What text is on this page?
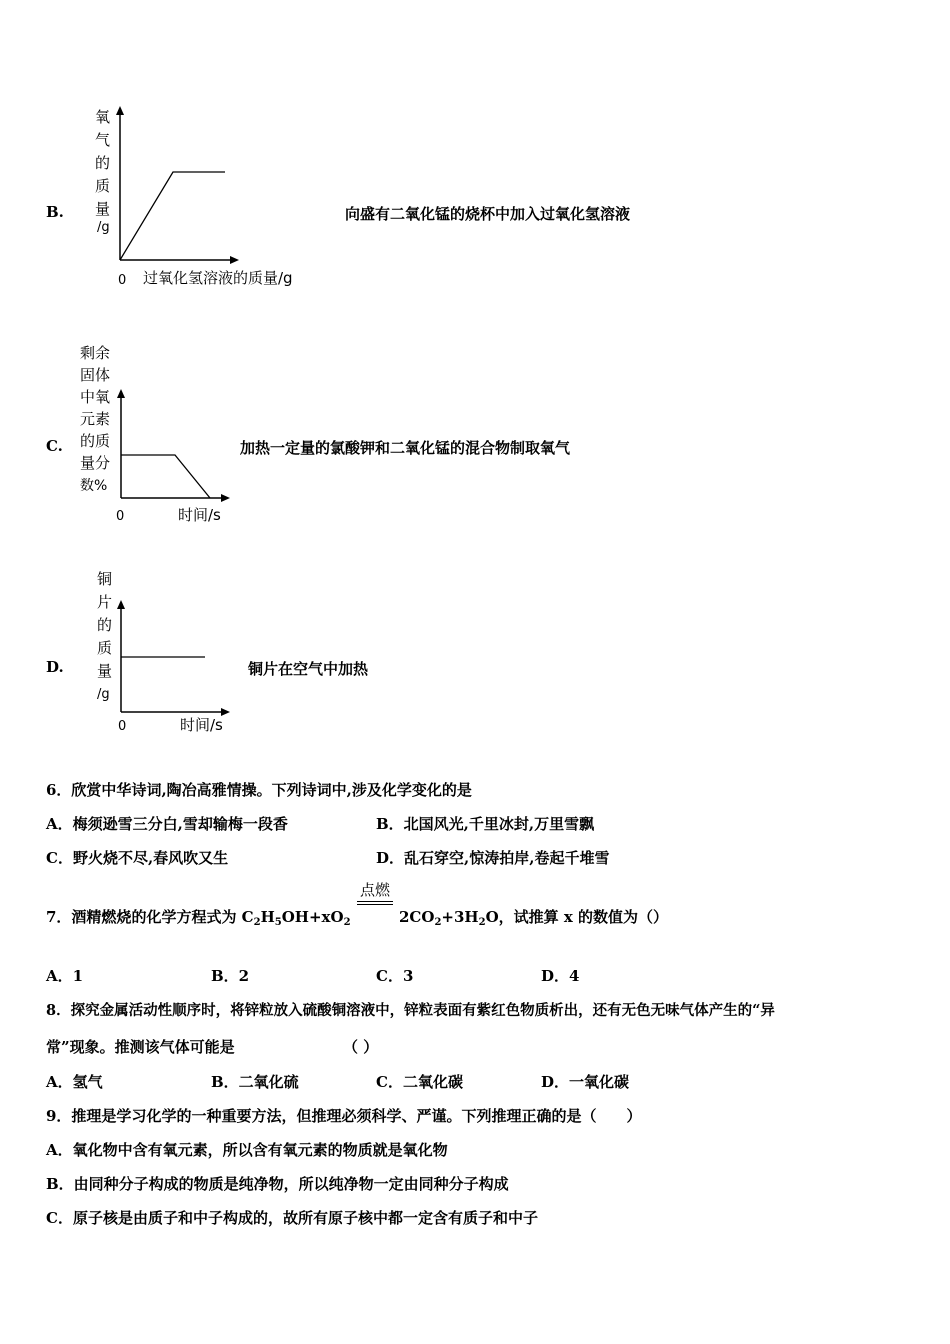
B.
氧
气
的
质
量
/g
0 过氧化氢溶液的质量/g
向盛有二氧化锰的烧杯中加入过氧化氢溶液
C.
剩余
固体
中氧
元素
的质
量分
数%
0	时间/s
加热一定量的氯酸钾和二氧化锰的混合物制取氧气
D.
铜
片
的
质
量
/g
0	时间/s
铜片在空气中加热
6．欣赏中华诗词,陶冶高雅情操。下列诗词中,涉及化学变化的是
A．梅须逊雪三分白,雪却输梅一段香	B．北国风光,千里冰封,万里雪飘
C．野火烧不尽,春风吹又生	D．乱石穿空,惊涛拍岸,卷起千堆雪
7．酒精燃烧的化学方程式为 $C_2H_5OH+xO_2$
点燃
$2CO_2+3H_2O$，试推算 x 的数值为（）
A．1	B．2	C．3	D．4
8．探究金属活动性顺序时，将锌粒放入硫酸铜溶液中，锌粒表面有紫红色物质析出，还有无色无味气体产生的“异
常”现象。推测该气体可能是	（ ）
A．氢气	B．二氧化硫	C．二氧化碳	D．一氧化碳
9．推理是学习化学的一种重要方法，但推理必须科学、严谨。下列推理正确的是（　　）
A．氧化物中含有氧元素，所以含有氧元素的物质就是氧化物
B．由同种分子构成的物质是纯净物，所以纯净物一定由同种分子构成
C．原子核是由质子和中子构成的，故所有原子核中都一定含有质子和中子
